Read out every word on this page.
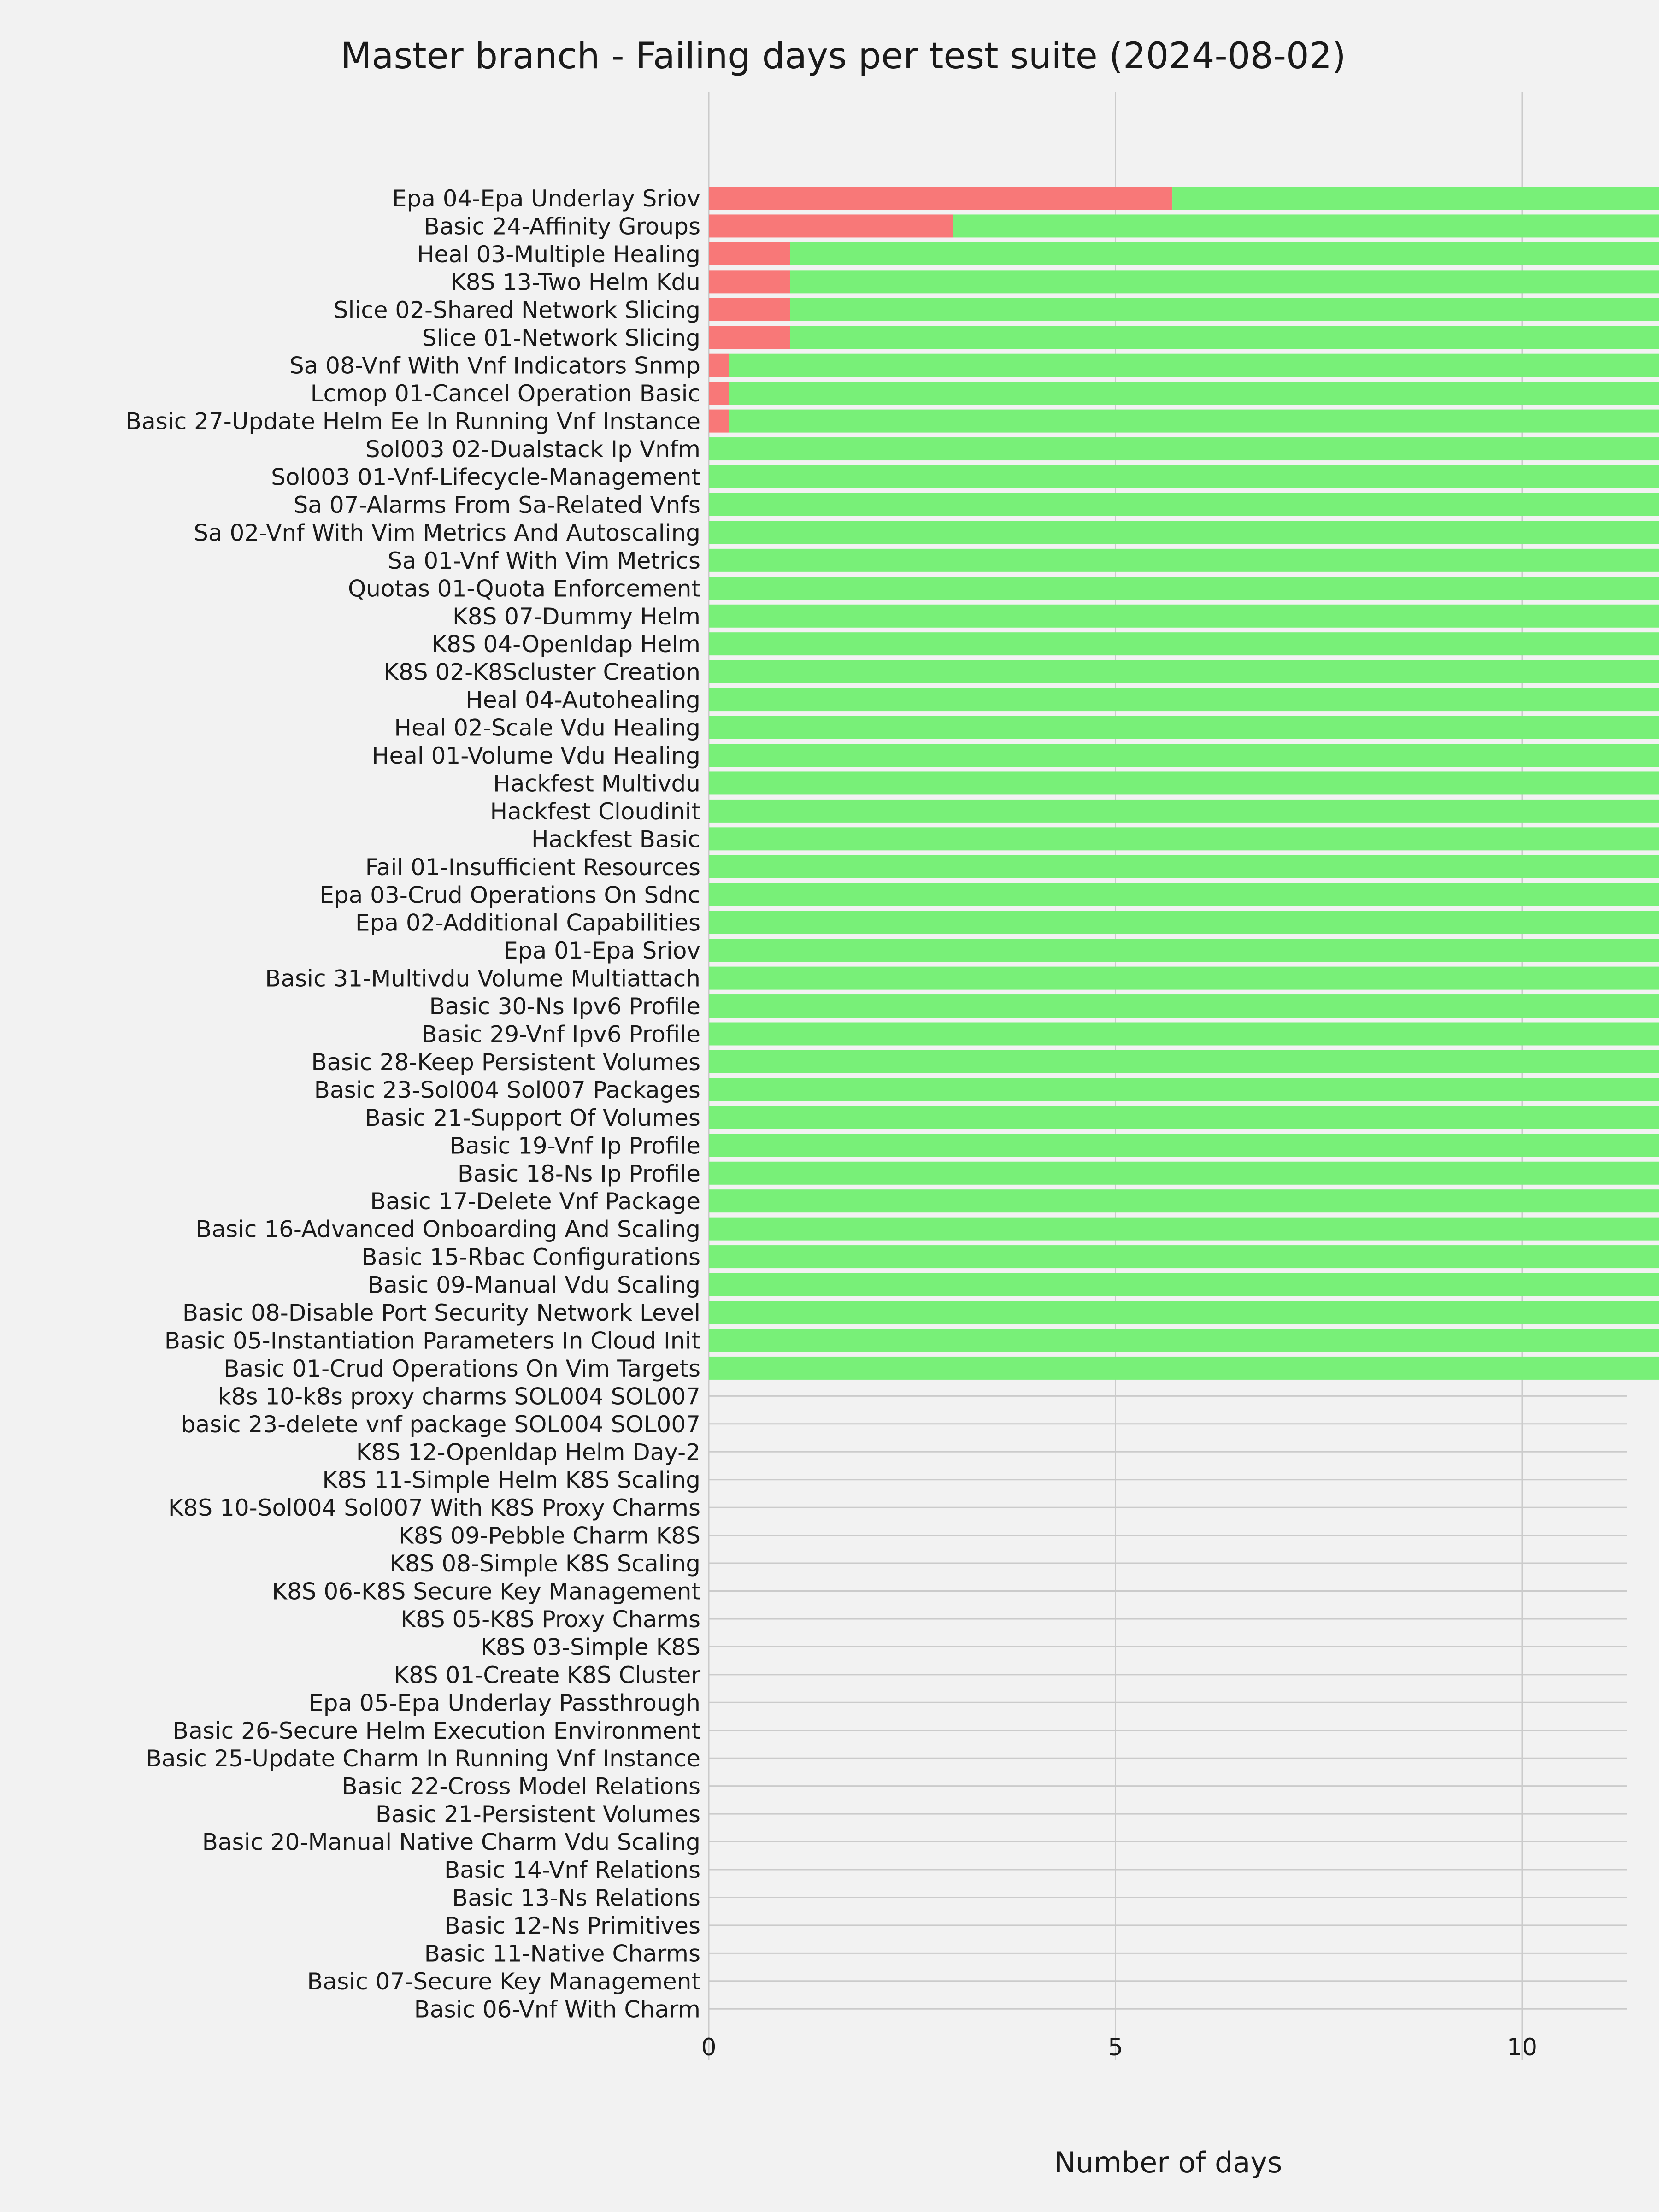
Master branch - Failing days per test suite (2024-08-02)
Epa 04-Epa Underlay Sriov
Basic 24-Affinity Groups
Heal 03-Multiple Healing
K8S 13-Two Helm Kdu
Slice 02-Shared Network Slicing
Slice 01-Network Slicing
Sa 08-Vnf With Vnf Indicators Snmp
Lcmop 01-Cancel Operation Basic
Basic 27-Update Helm Ee In Running Vnf Instance
Sol003 02-Dualstack Ip Vnfm
Sol003 01-Vnf-Lifecycle-Management
Sa 07-Alarms From Sa-Related Vnfs
Sa 02-Vnf With Vim Metrics And Autoscaling
Sa 01-Vnf With Vim Metrics
Quotas 01-Quota Enforcement
K8S 07-Dummy Helm
K8S 04-Openldap Helm
K8S 02-K8Scluster Creation
Heal 04-Autohealing
Heal 02-Scale Vdu Healing
Heal 01-Volume Vdu Healing
Hackfest Multivdu
Hackfest Cloudinit
Hackfest Basic
Fail 01-Insufficient Resources
Epa 03-Crud Operations On Sdnc
Epa 02-Additional Capabilities
Epa 01-Epa Sriov
Basic 31-Multivdu Volume Multiattach
Basic 30-Ns Ipv6 Profile
Basic 29-Vnf Ipv6 Profile
Basic 28-Keep Persistent Volumes
Basic 23-Sol004 Sol007 Packages
Basic 21-Support Of Volumes
Basic 19-Vnf Ip Profile
Basic 18-Ns Ip Profile
Basic 17-Delete Vnf Package
Basic 16-Advanced Onboarding And Scaling
Basic 15-Rbac Configurations
Basic 09-Manual Vdu Scaling
Basic 08-Disable Port Security Network Level
Basic 05-Instantiation Parameters In Cloud Init
Basic 01-Crud Operations On Vim Targets
k8s 10-k8s proxy charms SOL004 SOL007
basic 23-delete vnf package SOL004 SOL007
K8S 12-Openldap Helm Day-2
K8S 11-Simple Helm K8S Scaling
K8S 10-Sol004 Sol007 With K8S Proxy Charms
K8S 09-Pebble Charm K8S
K8S 08-Simple K8S Scaling
K8S 06-K8S Secure Key Management
K8S 05-K8S Proxy Charms
K8S 03-Simple K8S
K8S 01-Create K8S Cluster
Epa 05-Epa Underlay Passthrough
Basic 26-Secure Helm Execution Environment
Basic 25-Update Charm In Running Vnf Instance
Basic 22-Cross Model Relations
Basic 21-Persistent Volumes
Basic 20-Manual Native Charm Vdu Scaling
Basic 14-Vnf Relations
Basic 13-Ns Relations
Basic 12-Ns Primitives
Basic 11-Native Charms
Basic 07-Secure Key Management
Basic 06-Vnf With Charm
0	5	10
Number of days
